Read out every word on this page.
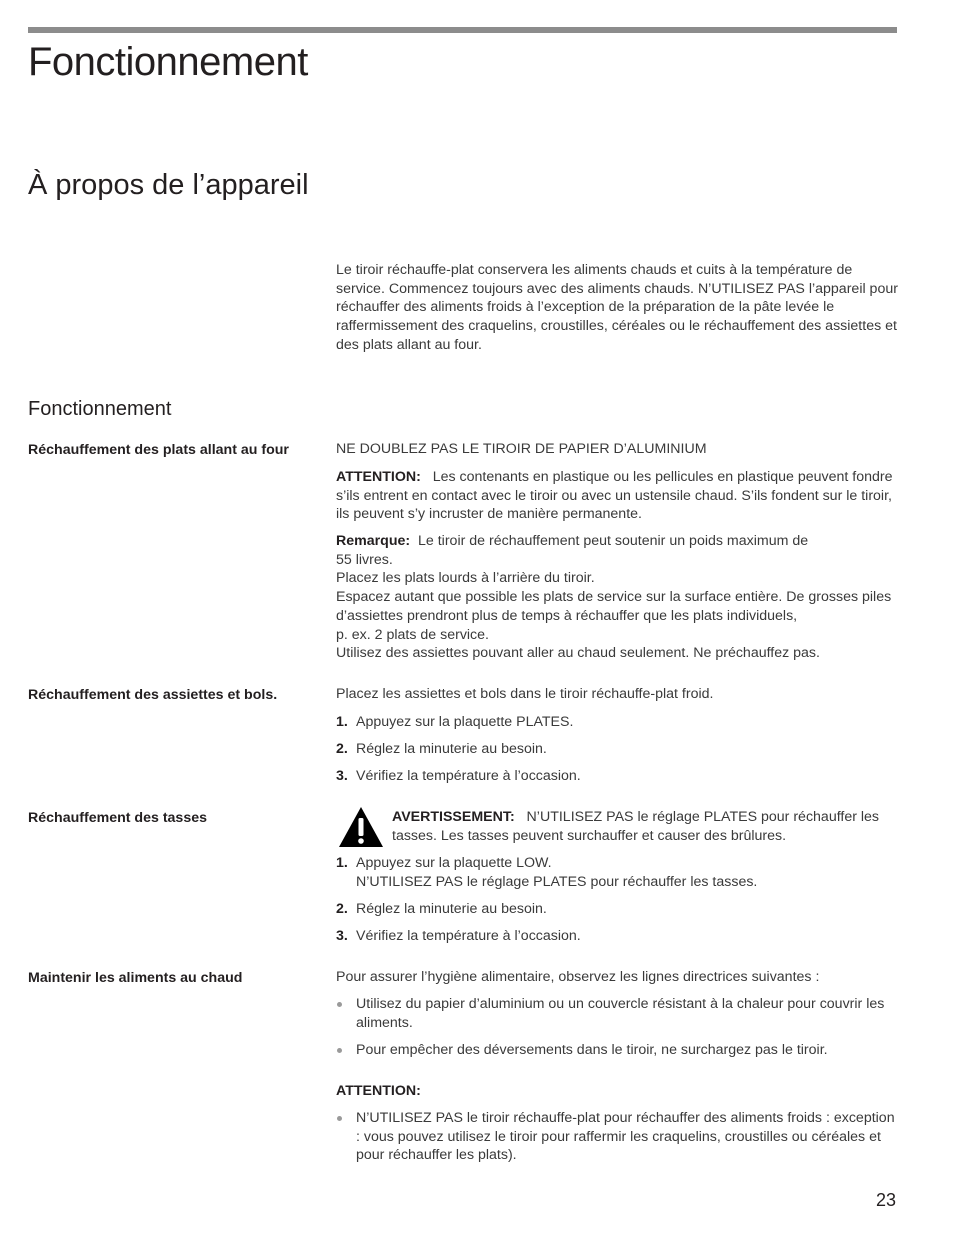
Fonctionnement
À propos de l’appareil

Le tiroir réchauffe-plat conservera les aliments chauds et cuits à la température de service. Commencez toujours avec des aliments chauds. N’UTILISEZ PAS l’appareil pour réchauffer des aliments froids à l’exception de la préparation de la pâte levée le raffermissement des craquelins, croustilles, céréales ou le réchauffement des assiettes et des plats allant au four.

Fonctionnement
Réchauffement des plats allant au four	NE DOUBLEZ PAS LE TIROIR DE PAPIER D’ALUMINIUM

ATTENTION: Les contenants en plastique ou les pellicules en plastique peuvent fondre s’ils entrent en contact avec le tiroir ou avec un ustensile chaud. S’ils fondent sur le tiroir, ils peuvent s’y incruster de manière permanente.

Remarque: Le tiroir de réchauffement peut soutenir un poids maximum de

55 livres.

Placez les plats lourds à l’arrière du tiroir.

Espacez autant que possible les plats de service sur la surface entière. De grosses piles d’assiettes prendront plus de temps à réchauffer que les plats individuels,

p. ex. 2 plats de service.

Utilisez des assiettes pouvant aller au chaud seulement. Ne préchauffez pas.

Réchauffement des assiettes et bols.	Placez les assiettes et bols dans le tiroir réchauffe-plat froid.

1. Appuyez sur la plaquette PLATES.
2. Réglez la minuterie au besoin.
3. Vérifiez la température à l’occasion.
Réchauffement des tasses	AVERTISSEMENT: N’UTILISEZ PAS le réglage PLATES pour réchauffer les tasses. Les tasses peuvent surchauffer et causer des brûlures.

1. Appuyez sur la plaquette LOW.
N’UTILISEZ PAS le réglage PLATES pour réchauffer les tasses.
2. Réglez la minuterie au besoin.
3. Vérifiez la température à l’occasion.
Maintenir les aliments au chaud	Pour assurer l’hygiène alimentaire, observez les lignes directrices suivantes :

Utilisez du papier d’aluminium ou un couvercle résistant à la chaleur pour couvrir les aliments.
Pour empêcher des déversements dans le tiroir, ne surchargez pas le tiroir.

ATTENTION:

N’UTILISEZ PAS le tiroir réchauffe-plat pour réchauffer des aliments froids : exception : vous pouvez utilisez le tiroir pour raffermir les craquelins, croustilles ou céréales et pour réchauffer les plats).
23
